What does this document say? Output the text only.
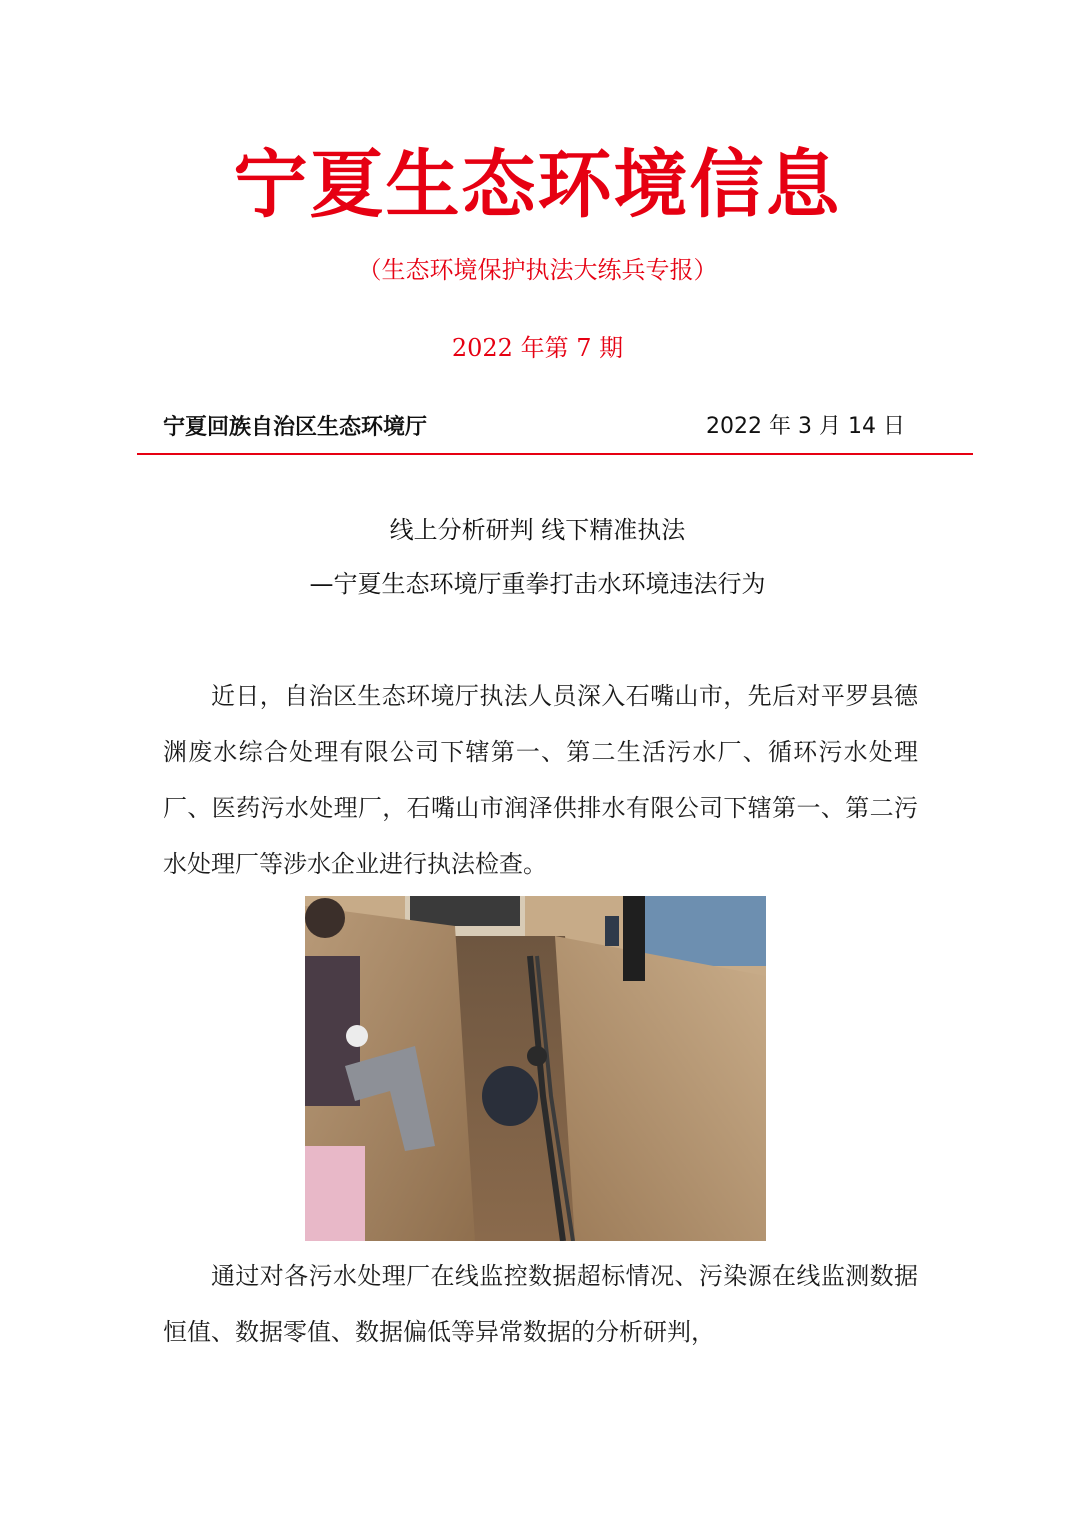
宁夏生态环境信息
（生态环境保护执法大练兵专报）
2022 年第 7 期
宁夏回族自治区生态环境厅	2022 年 3 月 14 日
线上分析研判 线下精准执法
—宁夏生态环境厅重拳打击水环境违法行为
近日，自治区生态环境厅执法人员深入石嘴山市，先后对平罗县德渊废水综合处理有限公司下辖第一、第二生活污水厂、循环污水处理厂、医药污水处理厂，石嘴山市润泽供排水有限公司下辖第一、第二污水处理厂等涉水企业进行执法检查。
通过对各污水处理厂在线监控数据超标情况、污染源在线监测数据恒值、数据零值、数据偏低等异常数据的分析研判，
